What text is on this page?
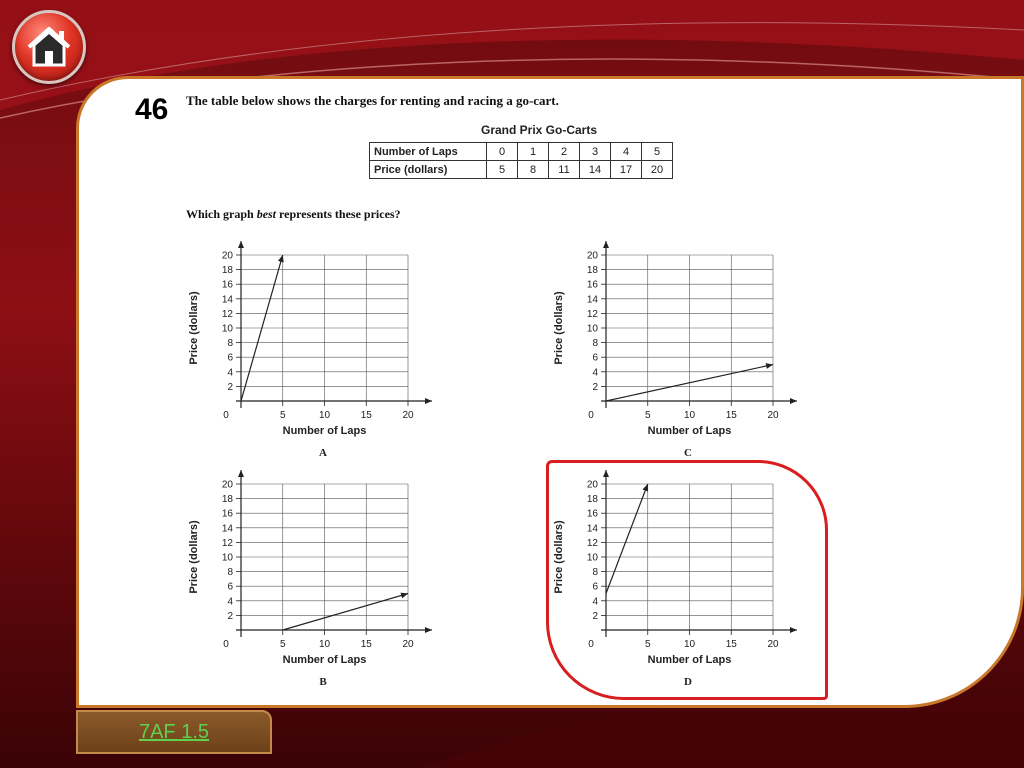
46 The table below shows the charges for renting and racing a go-cart.
Grand Prix Go-Carts
Number of Laps	0	1	2	3	4	5
Price (dollars)	5	8	11	14	17	20
Which graph best represents these prices?
2
4
6
8
10
12
14
16
18
20
5	10	15	20
0
Number of Laps
Price (dollars)
A
2
4
6
8
10
12
14
16
18
20
5	10	15	20
0
Number of Laps
Price (dollars)
C
2
4
6
8
10
12
14
16
18
20
5	10	15	20
0
Number of Laps
Price (dollars)
B
2
4
6
8
10
12
14
16
18
20
5	10	15	20
0
Number of Laps
Price (dollars)
D
7AF 1.5
